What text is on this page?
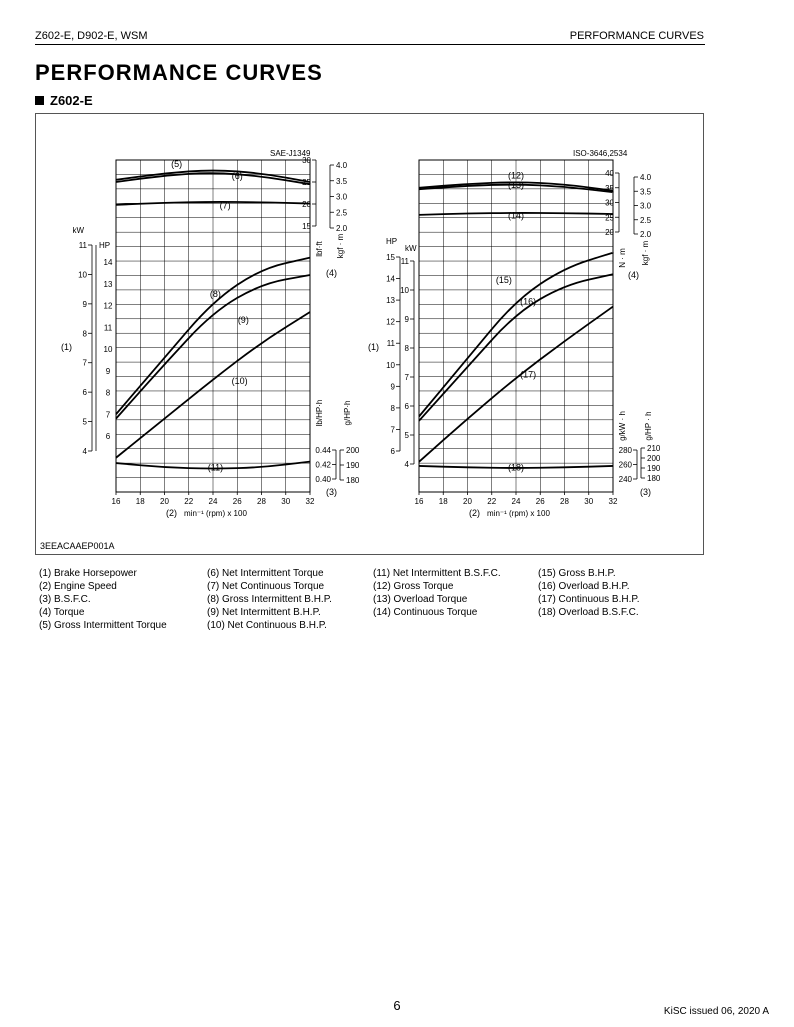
Z602-E, D902-E, WSM	PERFORMANCE CURVES
PERFORMANCE CURVES
Z602-E
16 18 20 22 24 26 28 30 32
(2) min⁻¹ (rpm) x 100
SAE-J1349
(5)
(6)
(7)
(8)
(9)
(10)
(11)
11
10
9
8
7
6
5
4
kW
14
13
12
11
10
9
8
7
6
HP
(1)
30
25
20
15
lbf·ft
4.0
3.5
3.0
2.5
2.0
kgf · m
(4)
0.44
0.42
0.40
lb/HP·h
200
190
180
g/HP·h
(3)
16 18 20 22 24 26 28 30 32
(2) min⁻¹ (rpm) x 100
ISO-3646,2534
(12)
(13)
(14)
(15)
(16)
(17)
(18)
15
14
13
12
11
10
9
8
7
6
HP
11
10
9
8
7
6
5
4
kW
(1)
40
35
30
25
20
N · m
4.0
3.5
3.0
2.5
2.0
kgf · m
(4)
280
260
240
g/kW · h
210
200
190
180
g/HP · h
(3)
3EEACAAEP001A
(1) Brake Horsepower
(2) Engine Speed
(3) B.S.F.C.
(4) Torque
(5) Gross Intermittent Torque
(6) Net Intermittent Torque
(7) Net Continuous Torque
(8) Gross Intermittent B.H.P.
(9) Net Intermittent B.H.P.
(10) Net Continuous B.H.P.
(11) Net Intermittent B.S.F.C.
(12) Gross Torque
(13) Overload Torque
(14) Continuous Torque
(15) Gross B.H.P.
(16) Overload B.H.P.
(17) Continuous B.H.P.
(18) Overload B.S.F.C.
6	KiSC issued 06, 2020 A
